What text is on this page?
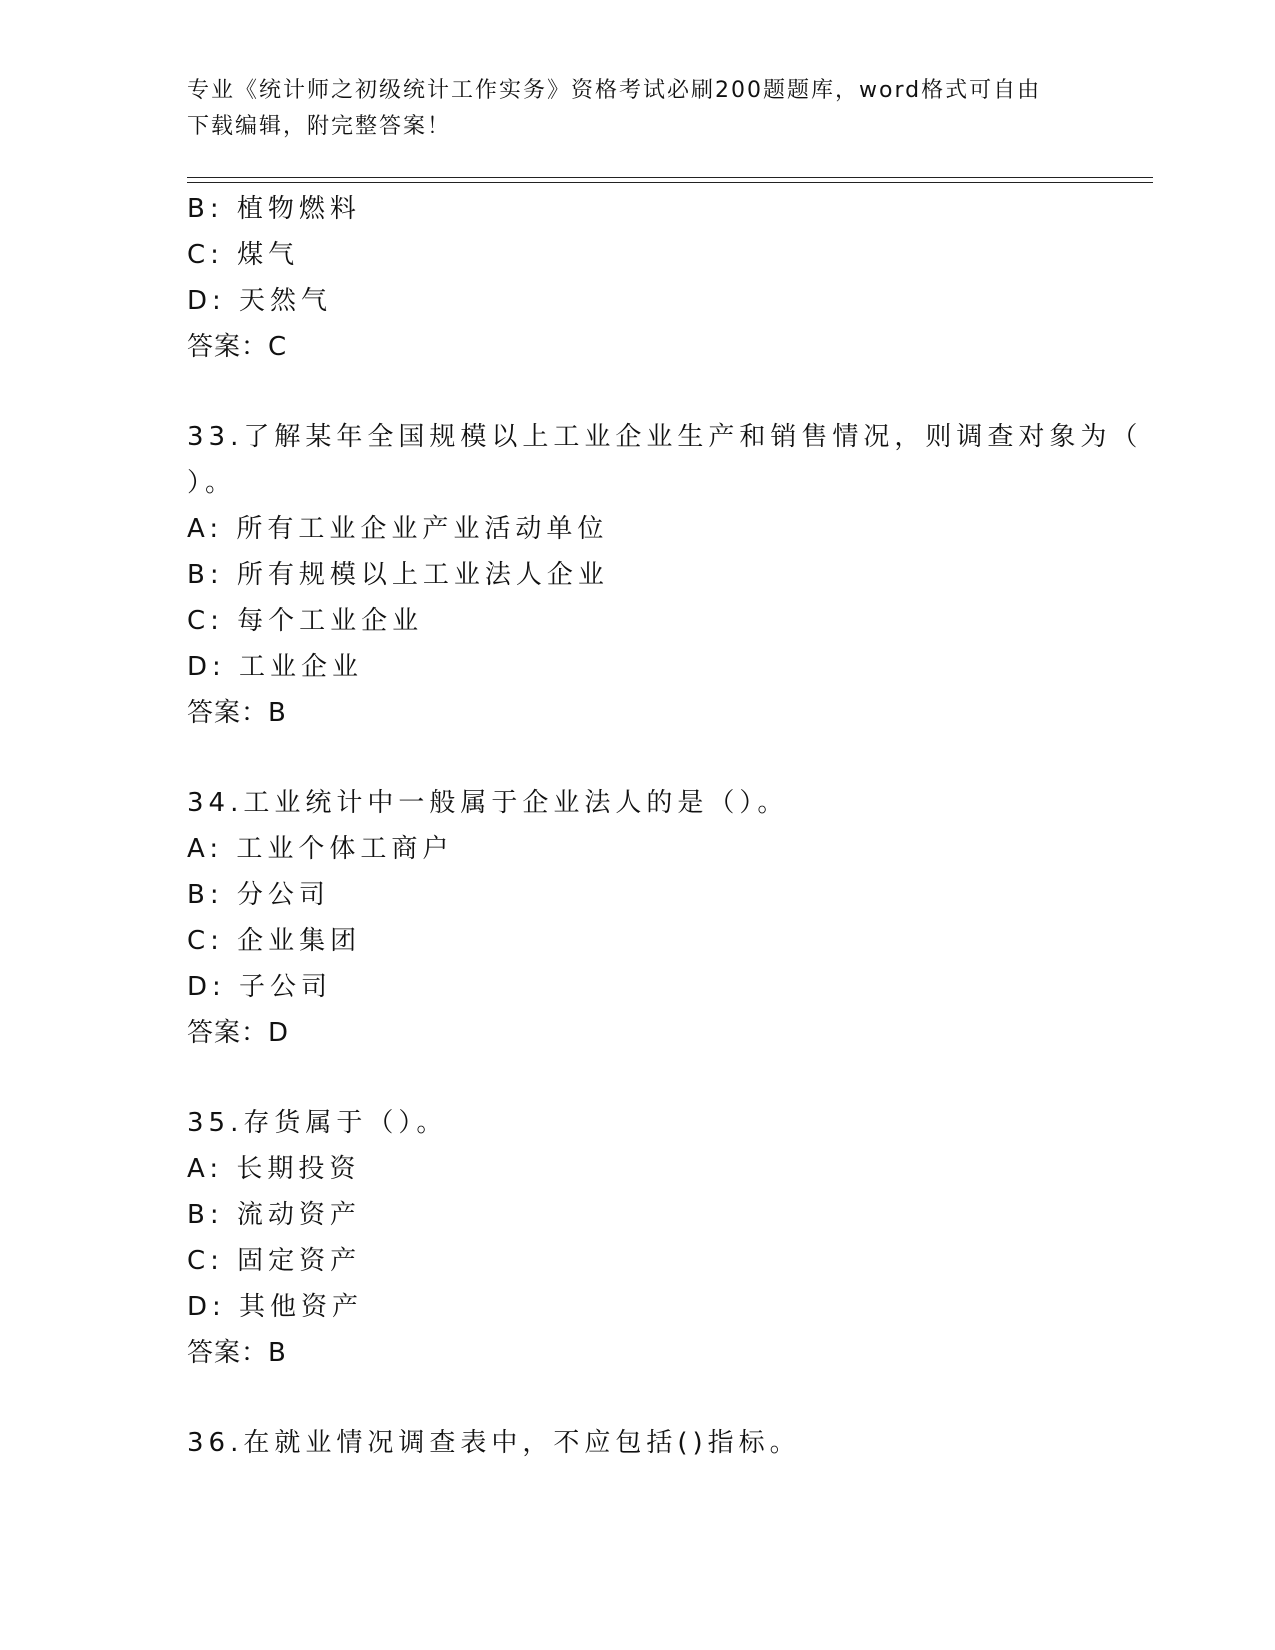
专业《统计师之初级统计工作实务》资格考试必刷200题题库，word格式可自由
下载编辑，附完整答案！
B: 植物燃料
C: 煤气
D: 天然气
答案：C
33.了解某年全国规模以上工业企业生产和销售情况，则调查对象为（
）。
A: 所有工业企业产业活动单位
B: 所有规模以上工业法人企业
C: 每个工业企业
D: 工业企业
答案：B
34.工业统计中一般属于企业法人的是（）。
A: 工业个体工商户
B: 分公司
C: 企业集团
D: 子公司
答案：D
35.存货属于（）。
A: 长期投资
B: 流动资产
C: 固定资产
D: 其他资产
答案：B
36.在就业情况调查表中，不应包括()指标。
